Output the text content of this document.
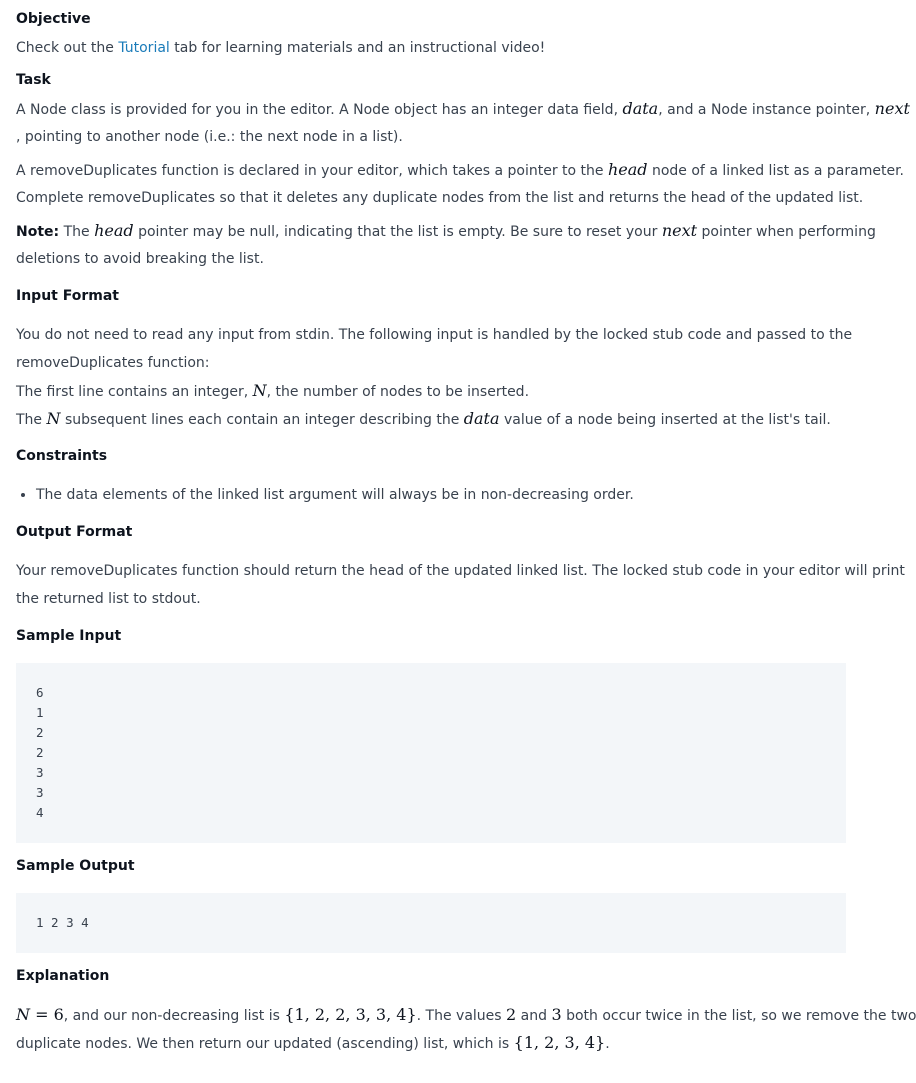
Objective
Check out the Tutorial tab for learning materials and an instructional video!
Task
A Node class is provided for you in the editor. A Node object has an integer data field, data, and a Node instance pointer, next
, pointing to another node (i.e.: the next node in a list).
A removeDuplicates function is declared in your editor, which takes a pointer to the head node of a linked list as a parameter.
Complete removeDuplicates so that it deletes any duplicate nodes from the list and returns the head of the updated list.
Note: The head pointer may be null, indicating that the list is empty. Be sure to reset your next pointer when performing
deletions to avoid breaking the list.
Input Format
You do not need to read any input from stdin. The following input is handled by the locked stub code and passed to the
removeDuplicates function:
The first line contains an integer, N, the number of nodes to be inserted.
The N subsequent lines each contain an integer describing the data value of a node being inserted at the list's tail.
Constraints
• The data elements of the linked list argument will always be in non-decreasing order.
Output Format
Your removeDuplicates function should return the head of the updated linked list. The locked stub code in your editor will print
the returned list to stdout.
Sample Input
6
1
2
2
3
3
4
Sample Output
1 2 3 4
Explanation
N = 6, and our non-decreasing list is {1, 2, 2, 3, 3, 4}. The values 2 and 3 both occur twice in the list, so we remove the two
duplicate nodes. We then return our updated (ascending) list, which is {1, 2, 3, 4}.
